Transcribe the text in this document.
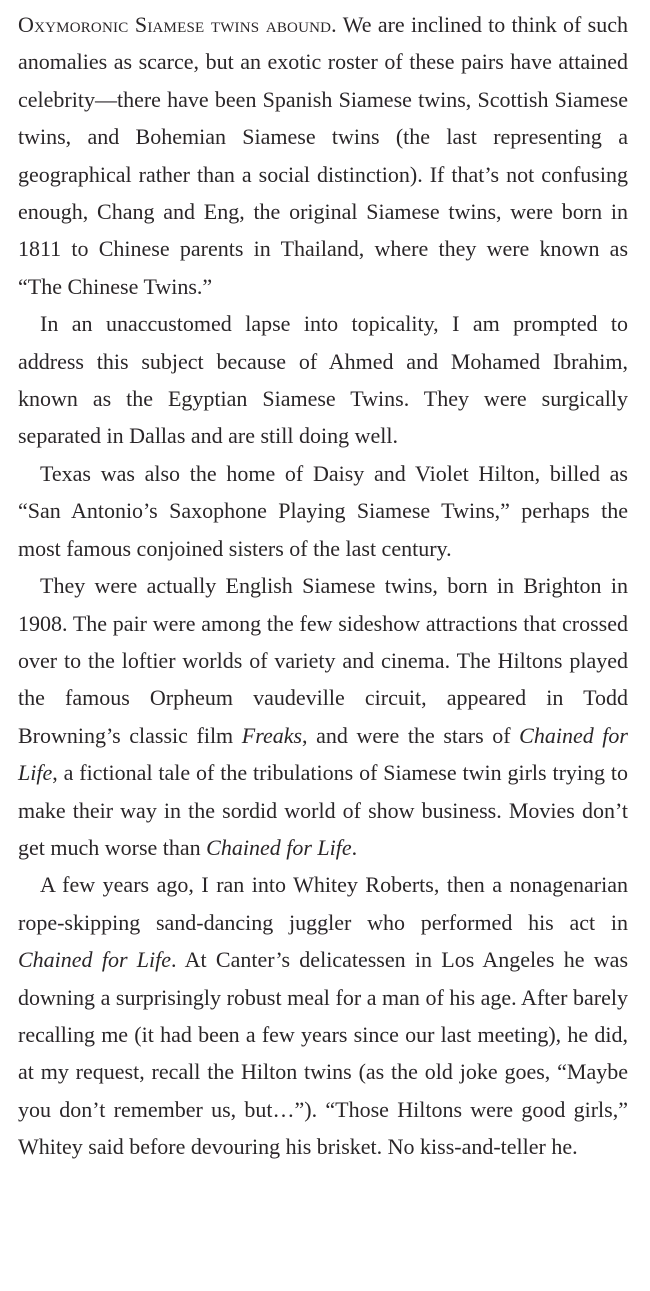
Oxymoronic Siamese twins abound. We are inclined to think of such anomalies as scarce, but an exotic roster of these pairs have attained celebrity—there have been Spanish Siamese twins, Scottish Siamese twins, and Bohemian Siamese twins (the last representing a geographical rather than a social distinction). If that’s not confusing enough, Chang and Eng, the original Siamese twins, were born in 1811 to Chinese parents in Thailand, where they were known as “The Chinese Twins.”

In an unaccustomed lapse into topicality, I am prompted to address this subject because of Ahmed and Mohamed Ibrahim, known as the Egyptian Siamese Twins. They were surgically separated in Dallas and are still doing well.

Texas was also the home of Daisy and Violet Hilton, billed as “San Antonio’s Saxophone Playing Siamese Twins,” perhaps the most famous conjoined sisters of the last century.

They were actually English Siamese twins, born in Brighton in 1908. The pair were among the few sideshow attractions that crossed over to the loftier worlds of variety and cinema. The Hiltons played the famous Orpheum vaudeville circuit, appeared in Todd Browning’s classic film Freaks, and were the stars of Chained for Life, a fictional tale of the tribulations of Siamese twin girls trying to make their way in the sordid world of show business. Movies don’t get much worse than Chained for Life.

A few years ago, I ran into Whitey Roberts, then a nonagenarian rope-skipping sand-dancing juggler who performed his act in Chained for Life. At Canter’s delicatessen in Los Angeles he was downing a surprisingly robust meal for a man of his age. After barely recalling me (it had been a few years since our last meeting), he did, at my request, recall the Hilton twins (as the old joke goes, “Maybe you don’t remember us, but…”). “Those Hiltons were good girls,” Whitey said before devouring his brisket. No kiss-and-teller he.
